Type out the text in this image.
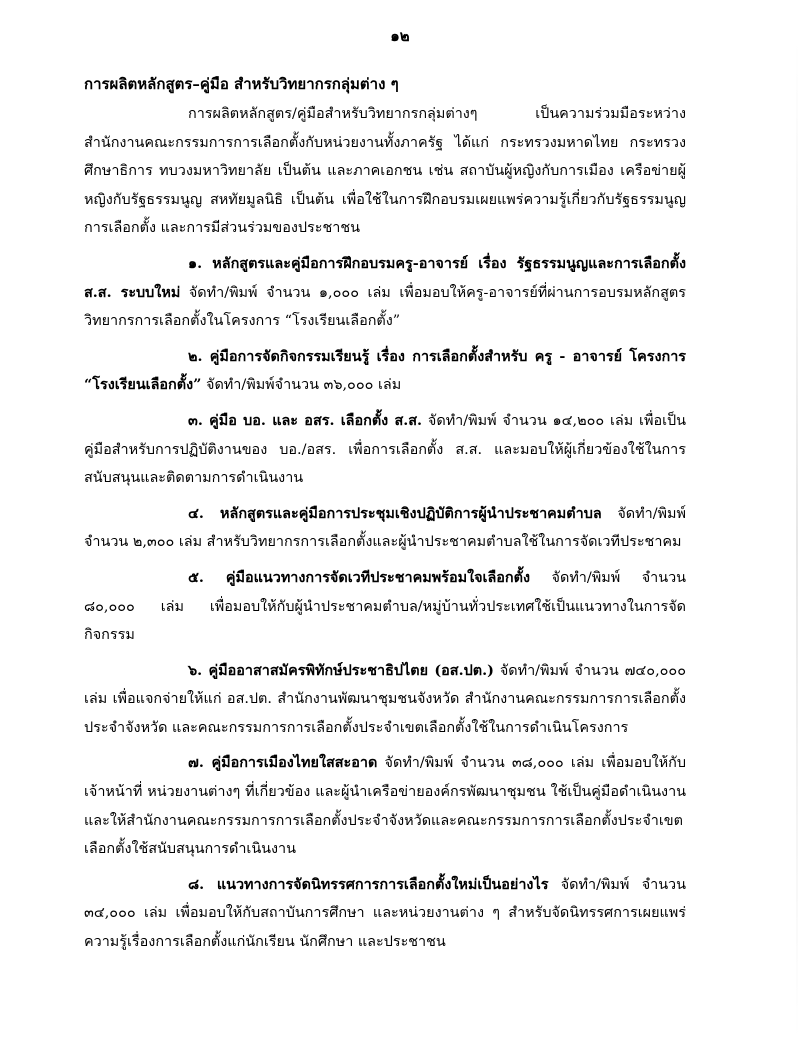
๑๒
การผลิตหลักสูตร–คู่มือ สำหรับวิทยากรกลุ่มต่าง ๆ

การผลิตหลักสูตร/คู่มือสำหรับวิทยากรกลุ่มต่างๆ เป็นความร่วมมือระหว่างสำนักงานคณะกรรมการการเลือกตั้งกับหน่วยงานทั้งภาครัฐ ได้แก่ กระทรวงมหาดไทย กระทรวงศึกษาธิการ ทบวงมหาวิทยาลัย เป็นต้น และภาคเอกชน เช่น สถาบันผู้หญิงกับการเมือง เครือข่ายผู้หญิงกับรัฐธรรมนูญ สหทัยมูลนิธิ เป็นต้น เพื่อใช้ในการฝึกอบรมเผยแพร่ความรู้เกี่ยวกับรัฐธรรมนูญ การเลือกตั้ง และการมีส่วนร่วมของประชาชน

๑. หลักสูตรและคู่มือการฝึกอบรมครู-อาจารย์ เรื่อง รัฐธรรมนูญและการเลือกตั้ง ส.ส. ระบบใหม่ จัดทำ/พิมพ์ จำนวน ๑,๐๐๐ เล่ม เพื่อมอบให้ครู-อาจารย์ที่ผ่านการอบรมหลักสูตรวิทยากรการเลือกตั้งในโครงการ “โรงเรียนเลือกตั้ง”

๒. คู่มือการจัดกิจกรรมเรียนรู้ เรื่อง การเลือกตั้งสำหรับ ครู - อาจารย์ โครงการ “โรงเรียนเลือกตั้ง” จัดทำ/พิมพ์จำนวน ๓๖,๐๐๐ เล่ม

๓. คู่มือ บอ. และ อสร. เลือกตั้ง ส.ส. จัดทำ/พิมพ์ จำนวน ๑๔,๒๐๐ เล่ม เพื่อเป็นคู่มือสำหรับการปฏิบัติงานของ บอ./อสร. เพื่อการเลือกตั้ง ส.ส. และมอบให้ผู้เกี่ยวข้องใช้ในการสนับสนุนและติดตามการดำเนินงาน

๔. หลักสูตรและคู่มือการประชุมเชิงปฏิบัติการผู้นำประชาคมตำบล จัดทำ/พิมพ์จำนวน ๒,๓๐๐ เล่ม สำหรับวิทยากรการเลือกตั้งและผู้นำประชาคมตำบลใช้ในการจัดเวทีประชาคม

๕. คู่มือแนวทางการจัดเวทีประชาคมพร้อมใจเลือกตั้ง จัดทำ/พิมพ์ จำนวน ๘๐,๐๐๐ เล่ม เพื่อมอบให้กับผู้นำประชาคมตำบล/หมู่บ้านทั่วประเทศใช้เป็นแนวทางในการจัดกิจกรรม

๖. คู่มืออาสาสมัครพิทักษ์ประชาธิปไตย (อส.ปต.) จัดทำ/พิมพ์ จำนวน ๗๔๐,๐๐๐ เล่ม เพื่อแจกจ่ายให้แก่ อส.ปต. สำนักงานพัฒนาชุมชนจังหวัด สำนักงานคณะกรรมการการเลือกตั้งประจำจังหวัด และคณะกรรมการการเลือกตั้งประจำเขตเลือกตั้งใช้ในการดำเนินโครงการ

๗. คู่มือการเมืองไทยใสสะอาด จัดทำ/พิมพ์ จำนวน ๓๘,๐๐๐ เล่ม เพื่อมอบให้กับเจ้าหน้าที่ หน่วยงานต่างๆ ที่เกี่ยวข้อง และผู้นำเครือข่ายองค์กรพัฒนาชุมชน ใช้เป็นคู่มือดำเนินงานและให้สำนักงานคณะกรรมการการเลือกตั้งประจำจังหวัดและคณะกรรมการการเลือกตั้งประจำเขตเลือกตั้งใช้สนับสนุนการดำเนินงาน

๘. แนวทางการจัดนิทรรศการการเลือกตั้งใหม่เป็นอย่างไร จัดทำ/พิมพ์ จำนวน ๓๔,๐๐๐ เล่ม เพื่อมอบให้กับสถาบันการศึกษา และหน่วยงานต่าง ๆ สำหรับจัดนิทรรศการเผยแพร่ความรู้เรื่องการเลือกตั้งแก่นักเรียน นักศึกษา และประชาชน
